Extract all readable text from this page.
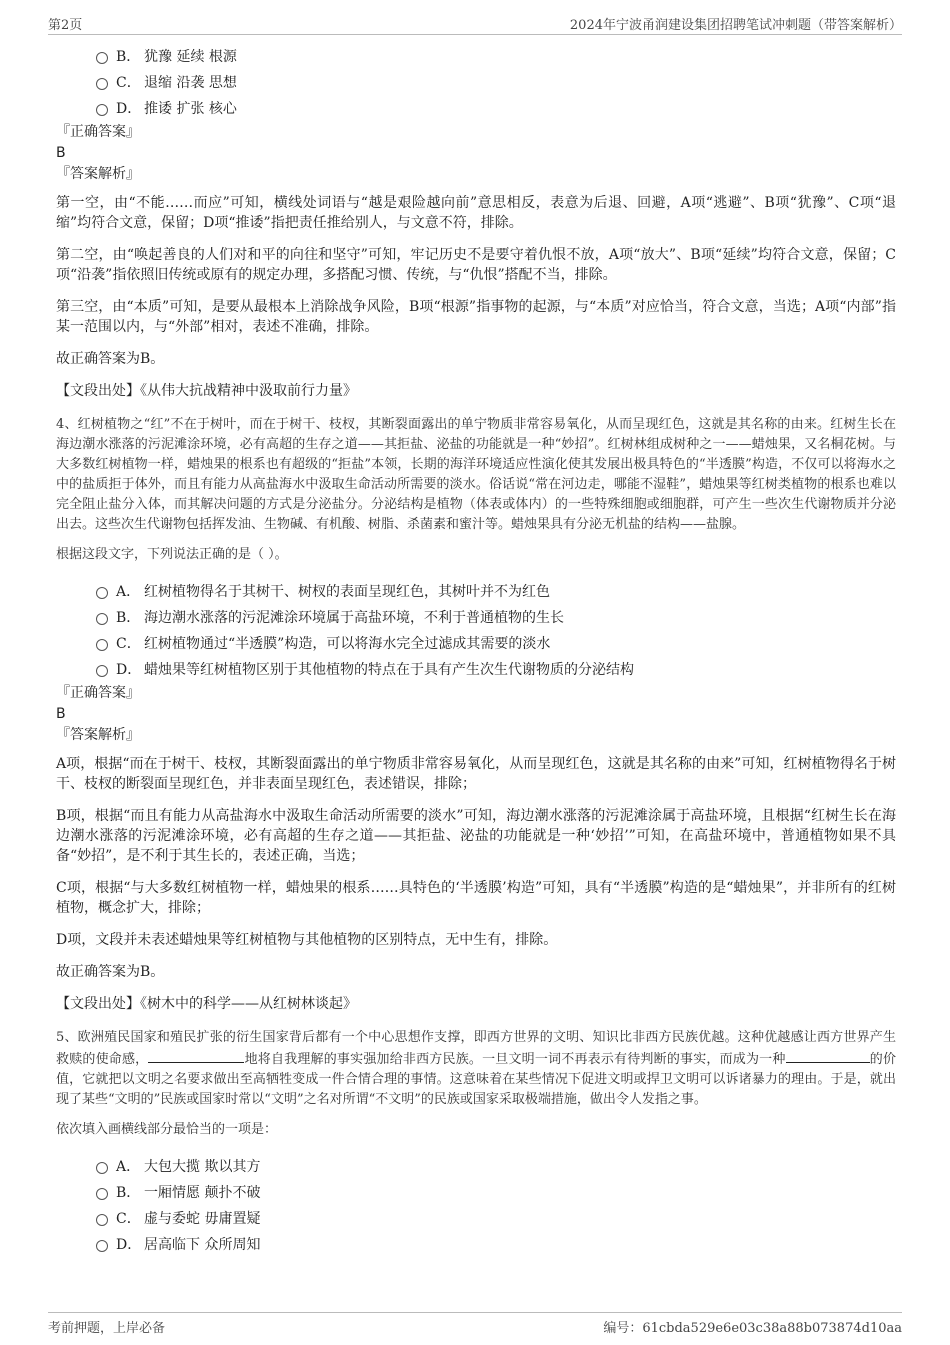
第2页	2024年宁波甬润建设集团招聘笔试冲刺题（带答案解析）
B． 犹豫 延续 根源
C． 退缩 沿袭 思想
D． 推诿 扩张 核心
『正确答案』
B
『答案解析』
第一空，由“不能……而应”可知，横线处词语与“越是艰险越向前”意思相反，表意为后退、回避，A项“逃避”、B项“犹豫”、C项“退缩”均符合文意，保留；D项“推诿”指把责任推给别人，与文意不符，排除。
第二空，由“唤起善良的人们对和平的向往和坚守”可知，牢记历史不是要守着仇恨不放，A项“放大”、B项“延续”均符合文意，保留；C项“沿袭”指依照旧传统或原有的规定办理，多搭配习惯、传统，与“仇恨”搭配不当，排除。
第三空，由“本质”可知，是要从最根本上消除战争风险，B项“根源”指事物的起源，与“本质”对应恰当，符合文意，当选；A项“内部”指某一范围以内，与“外部”相对，表述不准确，排除。
故正确答案为B。
【文段出处】《从伟大抗战精神中汲取前行力量》
4、红树植物之“红”不在于树叶，而在于树干、枝杈，其断裂面露出的单宁物质非常容易氧化，从而呈现红色，这就是其名称的由来。红树生长在海边潮水涨落的污泥滩涂环境，必有高超的生存之道——其拒盐、泌盐的功能就是一种“妙招”。红树林组成树种之一——蜡烛果，又名桐花树。与大多数红树植物一样，蜡烛果的根系也有超级的“拒盐”本领，长期的海洋环境适应性演化使其发展出极具特色的“半透膜”构造，不仅可以将海水之中的盐质拒于体外，而且有能力从高盐海水中汲取生命活动所需要的淡水。俗话说“常在河边走，哪能不湿鞋”，蜡烛果等红树类植物的根系也难以完全阻止盐分入体，而其解决问题的方式是分泌盐分。分泌结构是植物（体表或体内）的一些特殊细胞或细胞群，可产生一些次生代谢物质并分泌出去。这些次生代谢物包括挥发油、生物碱、有机酸、树脂、杀菌素和蜜汁等。蜡烛果具有分泌无机盐的结构——盐腺。
根据这段文字，下列说法正确的是（ ）。
A． 红树植物得名于其树干、树杈的表面呈现红色，其树叶并不为红色
B． 海边潮水涨落的污泥滩涂环境属于高盐环境，不利于普通植物的生长
C． 红树植物通过“半透膜”构造，可以将海水完全过滤成其需要的淡水
D． 蜡烛果等红树植物区别于其他植物的特点在于具有产生次生代谢物质的分泌结构
『正确答案』
B
『答案解析』
A项，根据“而在于树干、枝杈，其断裂面露出的单宁物质非常容易氧化，从而呈现红色，这就是其名称的由来”可知，红树植物得名于树干、枝杈的断裂面呈现红色，并非表面呈现红色，表述错误，排除；
B项，根据“而且有能力从高盐海水中汲取生命活动所需要的淡水”可知，海边潮水涨落的污泥滩涂属于高盐环境，且根据“红树生长在海边潮水涨落的污泥滩涂环境，必有高超的生存之道——其拒盐、泌盐的功能就是一种‘妙招’”可知，在高盐环境中，普通植物如果不具备“妙招”，是不利于其生长的，表述正确，当选；
C项，根据“与大多数红树植物一样，蜡烛果的根系……具特色的‘半透膜’构造”可知，具有“半透膜”构造的是“蜡烛果”，并非所有的红树植物，概念扩大，排除；
D项，文段并未表述蜡烛果等红树植物与其他植物的区别特点，无中生有，排除。
故正确答案为B。
【文段出处】《树木中的科学——从红树林谈起》
5、欧洲殖民国家和殖民扩张的衍生国家背后都有一个中心思想作支撑，即西方世界的文明、知识比非西方民族优越。这种优越感让西方世界产生救赎的使命感，	地将自我理解的事实强加给非西方民族。一旦文明一词不再表示有待判断的事实，而成为一种	的价值，它就把以文明之名要求做出至高牺牲变成一件合情合理的事情。这意味着在某些情况下促进文明或捍卫文明可以诉诸暴力的理由。于是，就出现了某些“文明的”民族或国家时常以“文明”之名对所谓“不文明”的民族或国家采取极端措施，做出令人发指之事。
依次填入画横线部分最恰当的一项是：
A． 大包大揽 欺以其方
B． 一厢情愿 颠扑不破
C． 虚与委蛇 毋庸置疑
D． 居高临下 众所周知
考前押题，上岸必备	编号：61cbda529e6e03c38a88b073874d10aa
